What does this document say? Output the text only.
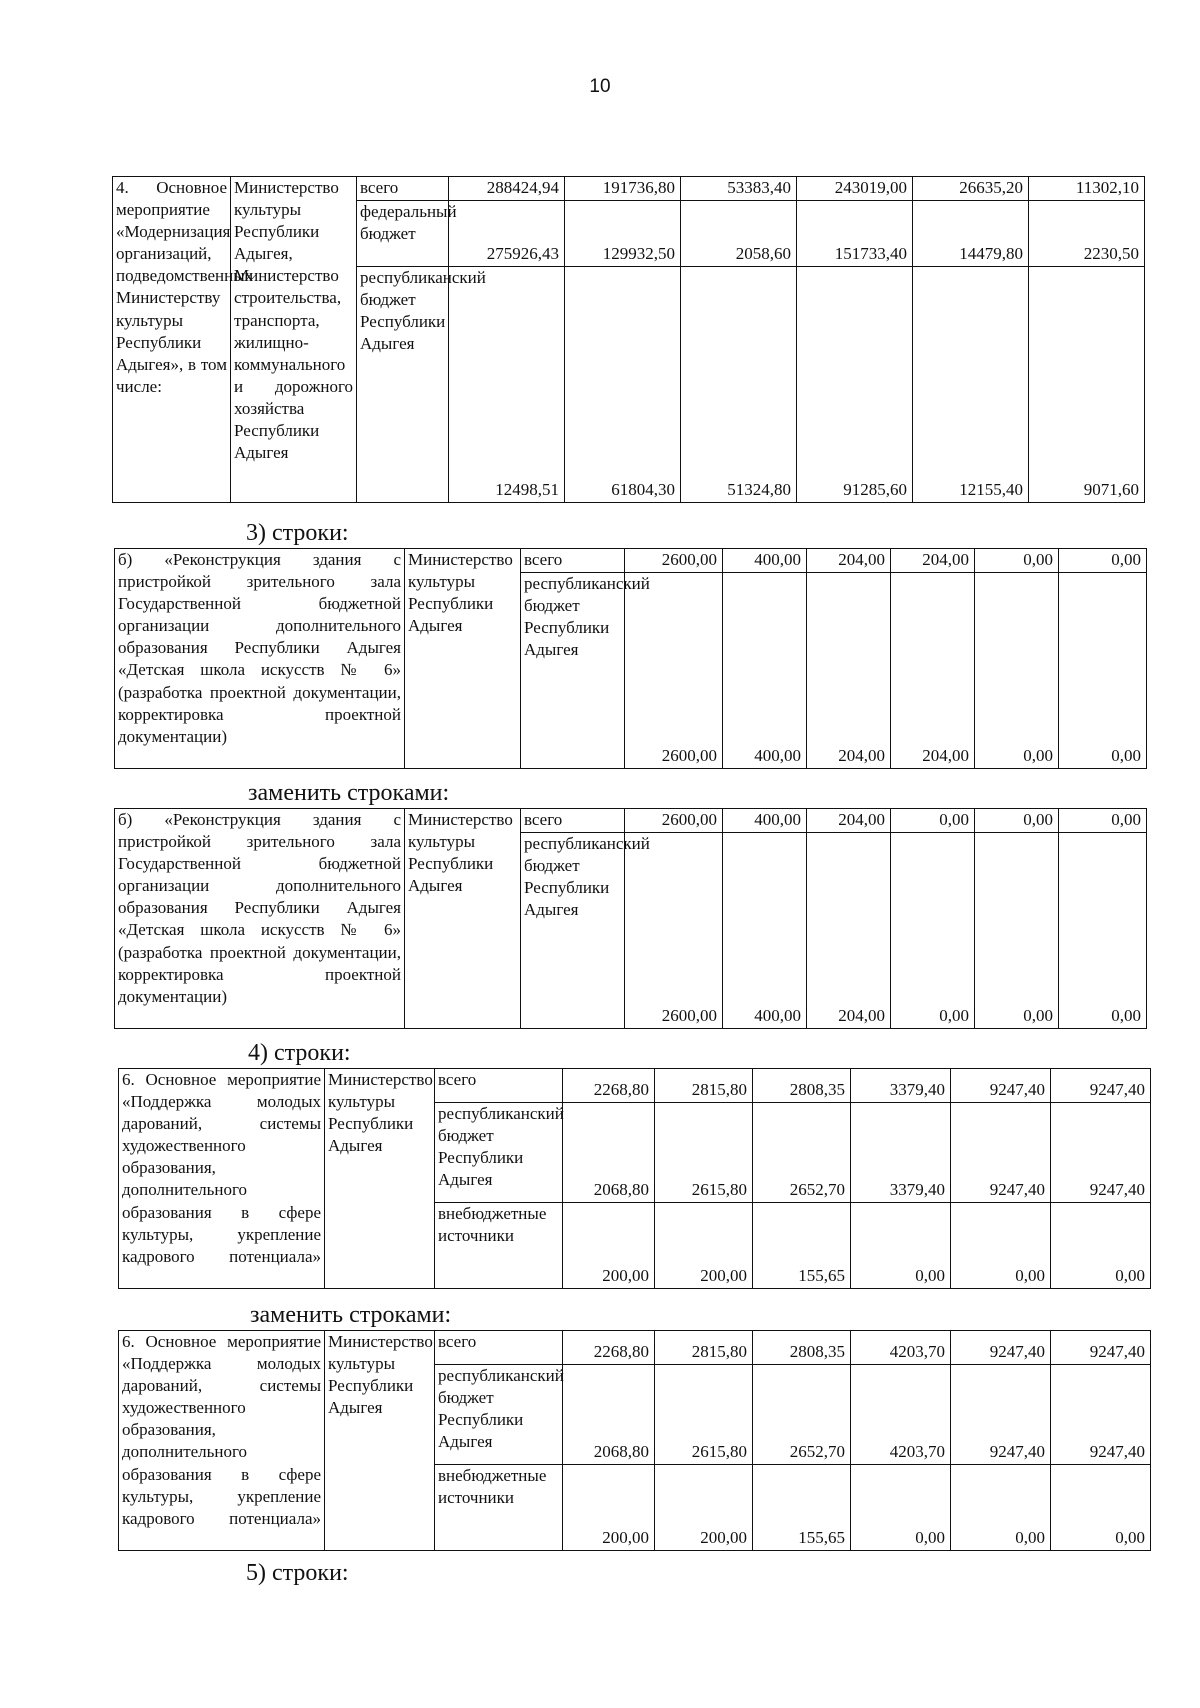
10
4. Основное мероприятие «Модернизация организаций, подведомственных Министерству культуры Республики Адыгея», в том числе:	Министерство культуры Республики Адыгея, Министерство строительства, транспорта, жилищно-коммунального и дорожного хозяйства Республики Адыгея	всего	288424,94	191736,80	53383,40	243019,00	26635,20	11302,10
		федеральный бюджет	275926,43	129932,50	2058,60	151733,40	14479,80	2230,50
		республиканский бюджет Республики Адыгея	12498,51	61804,30	51324,80	91285,60	12155,40	9071,60
3) строки:
б) «Реконструкция здания с пристройкой зрительного зала Государственной бюджетной организации дополнительного образования Республики Адыгея «Детская школа искусств № 6» (разработка проектной документации, корректировка проектной документации)	Министерство культуры Республики Адыгея	всего	2600,00	400,00	204,00	204,00	0,00	0,00
		республиканский бюджет Республики Адыгея	2600,00	400,00	204,00	204,00	0,00	0,00
заменить строками:
б) «Реконструкция здания с пристройкой зрительного зала Государственной бюджетной организации дополнительного образования Республики Адыгея «Детская школа искусств № 6» (разработка проектной документации, корректировка проектной документации)	Министерство культуры Республики Адыгея	всего	2600,00	400,00	204,00	0,00	0,00	0,00
		республиканский бюджет Республики Адыгея	2600,00	400,00	204,00	0,00	0,00	0,00
4) строки:
6. Основное мероприятие «Поддержка молодых дарований, системы художественного образования, дополнительного образования в сфере культуры, укрепление кадрового потенциала»	Министерство культуры Республики Адыгея	всего	2268,80	2815,80	2808,35	3379,40	9247,40	9247,40
		республиканский бюджет Республики Адыгея	2068,80	2615,80	2652,70	3379,40	9247,40	9247,40
		внебюджетные источники	200,00	200,00	155,65	0,00	0,00	0,00
заменить строками:
6. Основное мероприятие «Поддержка молодых дарований, системы художественного образования, дополнительного образования в сфере культуры, укрепление кадрового потенциала»	Министерство культуры Республики Адыгея	всего	2268,80	2815,80	2808,35	4203,70	9247,40	9247,40
		республиканский бюджет Республики Адыгея	2068,80	2615,80	2652,70	4203,70	9247,40	9247,40
		внебюджетные источники	200,00	200,00	155,65	0,00	0,00	0,00
5) строки:
